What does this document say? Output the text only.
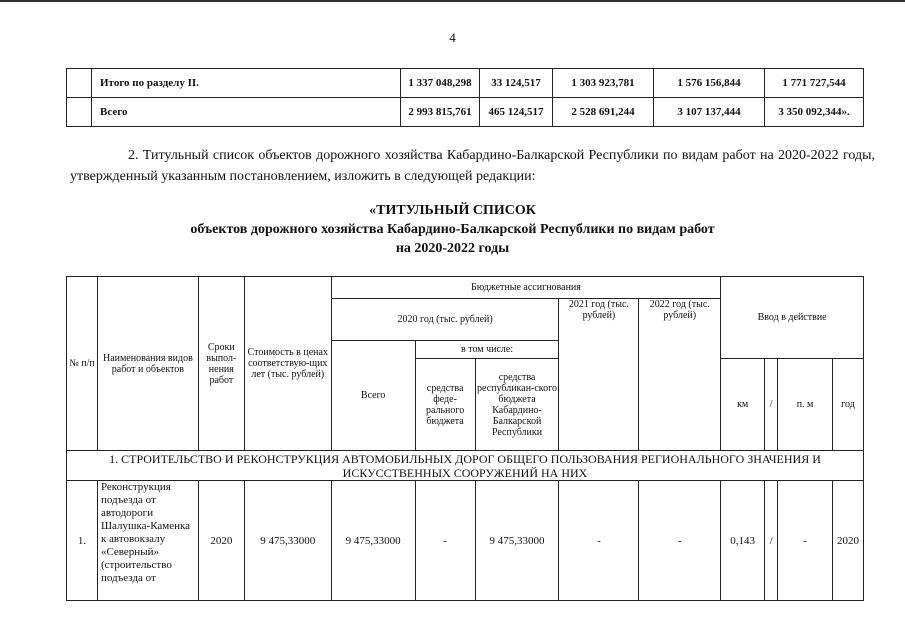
4
	Итого по разделу II.	1 337 048,298	33 124,517	1 303 923,781	1 576 156,844	1 771 727,544
	Всего	2 993 815,761	465 124,517	2 528 691,244	3 107 137,444	3 350 092,344».
2. Титульный список объектов дорожного хозяйства Кабардино-Балкарской Республики по видам работ на 2020-2022 годы, утвержденный указанным постановлением, изложить в следующей редакции:
«ТИТУЛЬНЫЙ СПИСОК
объектов дорожного хозяйства Кабардино-Балкарской Республики по видам работ
на 2020-2022 годы
№ п/п	Наименования видов работ и объектов	Сроки выпол-нения работ	Стоимость в ценах соответствую-щих лет (тыс. рублей)	Бюджетные ассигнования					Ввод в действие			
				2020 год (тыс. рублей)			2021 год (тыс. рублей)	2022 год (тыс. рублей)				
				Всего	в том числе:							
					средства феде-рального бюджета	средства республикан-ского бюджета Кабардино-Балкарской Республики			км	/	п. м	год
1. СТРОИТЕЛЬСТВО И РЕКОНСТРУКЦИЯ АВТОМОБИЛЬНЫХ ДОРОГ ОБЩЕГО ПОЛЬЗОВАНИЯ РЕГИОНАЛЬНОГО ЗНАЧЕНИЯ И ИСКУССТВЕННЫХ СООРУЖЕНИЙ НА НИХ												
1.	Реконструкция подъезда от автодороги Шалушка-Каменка к автовокзалу «Северный» (строительство подъезда от	2020	9 475,33000	9 475,33000	-	9 475,33000	-	-	0,143	/	-	2020
